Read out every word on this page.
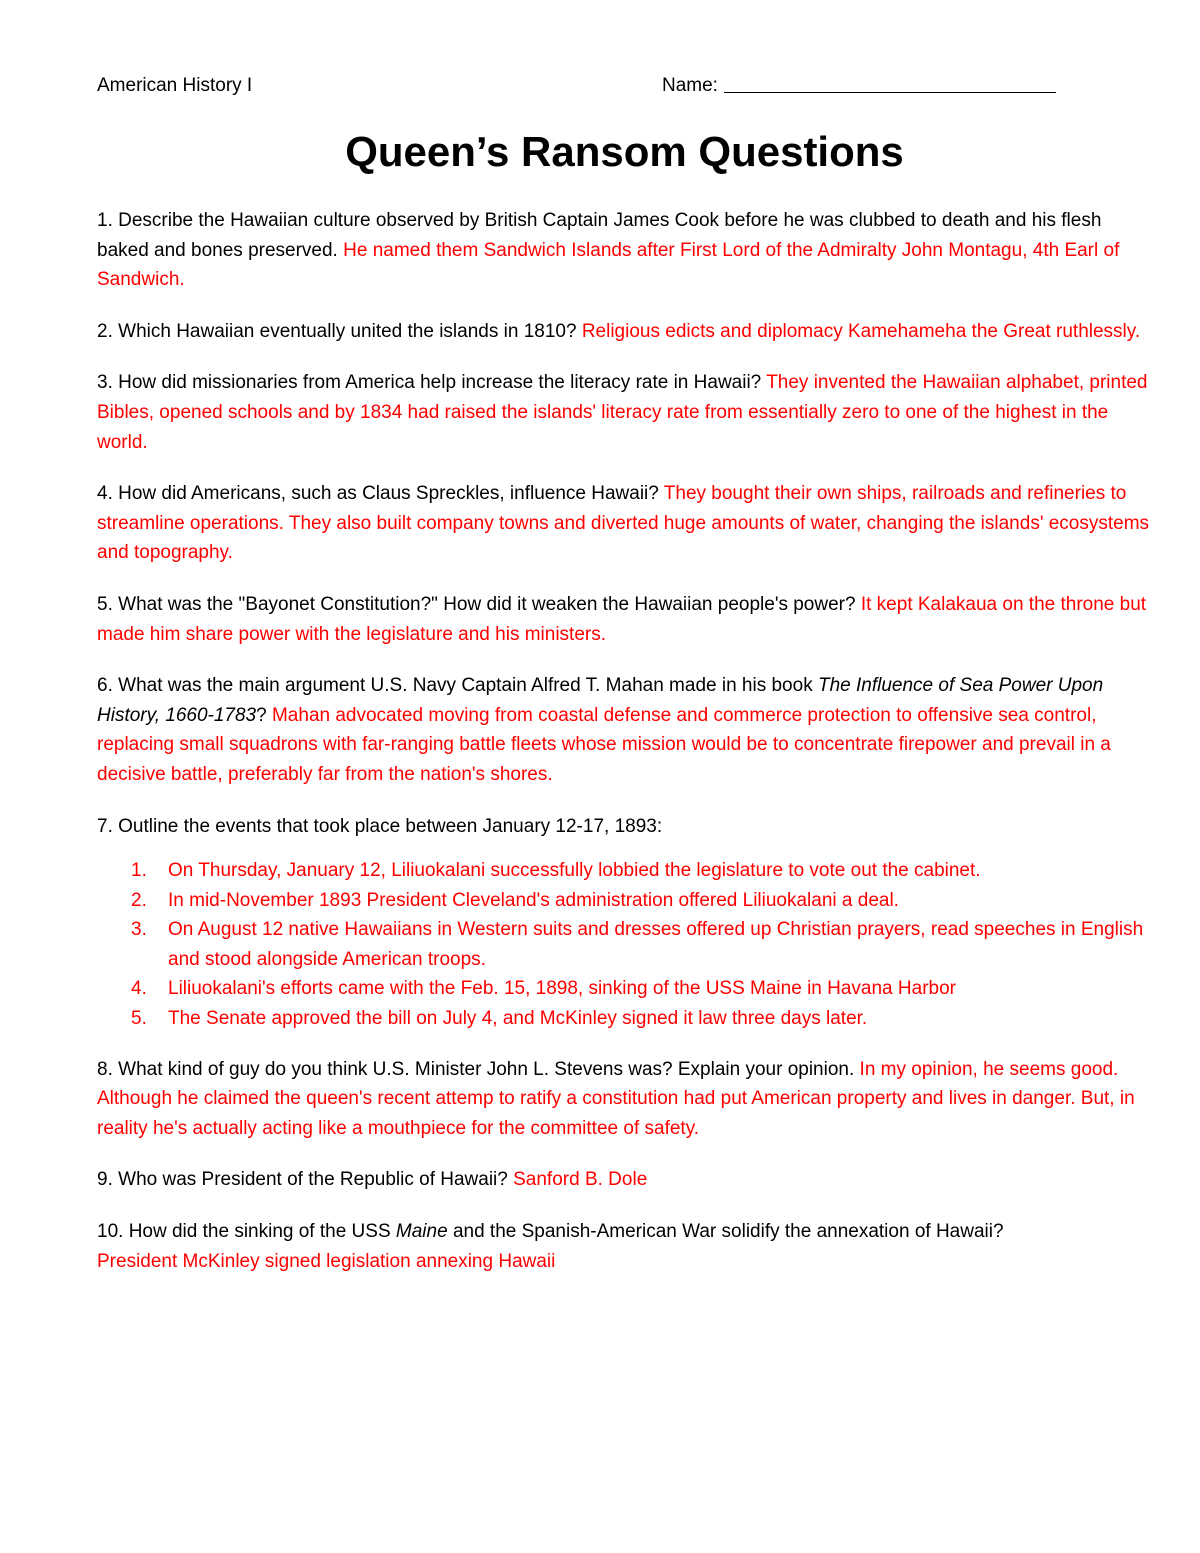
American History I	Name:
Queen’s Ransom Questions

1. Describe the Hawaiian culture observed by British Captain James Cook before he was clubbed to death and his flesh baked and bones preserved. He named them Sandwich Islands after First Lord of the Admiralty John Montagu, 4th Earl of Sandwich.

2. Which Hawaiian eventually united the islands in 1810? Religious edicts and diplomacy Kamehameha the Great ruthlessly.

3. How did missionaries from America help increase the literacy rate in Hawaii? They invented the Hawaiian alphabet, printed Bibles, opened schools and by 1834 had raised the islands' literacy rate from essentially zero to one of the highest in the world.

4. How did Americans, such as Claus Spreckles, influence Hawaii? They bought their own ships, railroads and refineries to streamline operations. They also built company towns and diverted huge amounts of water, changing the islands' ecosystems and topography.

5. What was the "Bayonet Constitution?" How did it weaken the Hawaiian people's power? It kept Kalakaua on the throne but made him share power with the legislature and his ministers.

6. What was the main argument U.S. Navy Captain Alfred T. Mahan made in his book The Influence of Sea Power Upon History, 1660-1783? Mahan advocated moving from coastal defense and commerce protection to offensive sea control, replacing small squadrons with far-ranging battle fleets whose mission would be to concentrate firepower and prevail in a decisive battle, preferably far from the nation's shores.

7. Outline the events that took place between January 12-17, 1893:

1. On Thursday, January 12, Liliuokalani successfully lobbied the legislature to vote out the cabinet.
2. In mid-November 1893 President Cleveland's administration offered Liliuokalani a deal.
3. On August 12 native Hawaiians in Western suits and dresses offered up Christian prayers, read speeches in English and stood alongside American troops.
4. Liliuokalani's efforts came with the Feb. 15, 1898, sinking of the USS Maine in Havana Harbor
5. The Senate approved the bill on July 4, and McKinley signed it law three days later.

8. What kind of guy do you think U.S. Minister John L. Stevens was? Explain your opinion. In my opinion, he seems good. Although he claimed the queen's recent attemp to ratify a constitution had put American property and lives in danger. But, in reality he's actually acting like a mouthpiece for the committee of safety.

9. Who was President of the Republic of Hawaii? Sanford B. Dole

10. How did the sinking of the USS Maine and the Spanish-American War solidify the annexation of Hawaii?
President McKinley signed legislation annexing Hawaii
